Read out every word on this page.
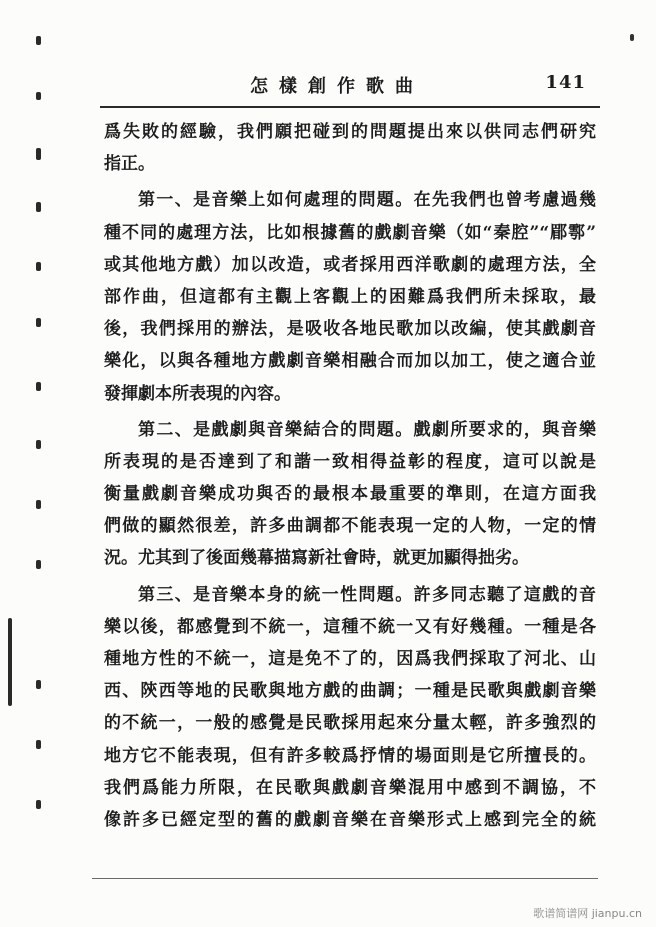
怎樣創作歌曲	141
爲失敗的經驗，我們願把碰到的問題提出來以供同志們研究
指正。
第一、是音樂上如何處理的問題。在先我們也曾考慮過幾
種不同的處理方法，比如根據舊的戲劇音樂（如“秦腔”“郿鄠”
或其他地方戲）加以改造，或者採用西洋歌劇的處理方法，全
部作曲，但這都有主觀上客觀上的困難爲我們所未採取，最
後，我們採用的辦法，是吸收各地民歌加以改編，使其戲劇音
樂化，以與各種地方戲劇音樂相融合而加以加工，使之適合並
發揮劇本所表現的內容。
第二、是戲劇與音樂結合的問題。戲劇所要求的，與音樂
所表現的是否達到了和諧一致相得益彰的程度，這可以說是
衡量戲劇音樂成功與否的最根本最重要的準則，在這方面我
們做的顯然很差，許多曲調都不能表現一定的人物，一定的情
況。尤其到了後面幾幕描寫新社會時，就更加顯得拙劣。
第三、是音樂本身的統一性問題。許多同志聽了這戲的音
樂以後，都感覺到不統一，這種不統一又有好幾種。一種是各
種地方性的不統一，這是免不了的，因爲我們採取了河北、山
西、陝西等地的民歌與地方戲的曲調；一種是民歌與戲劇音樂
的不統一，一般的感覺是民歌採用起來分量太輕，許多強烈的
地方它不能表現，但有許多較爲抒情的場面則是它所擅長的。
我們爲能力所限，在民歌與戲劇音樂混用中感到不調協，不
像許多已經定型的舊的戲劇音樂在音樂形式上感到完全的統
歌谱简谱网 jianpu.cn
